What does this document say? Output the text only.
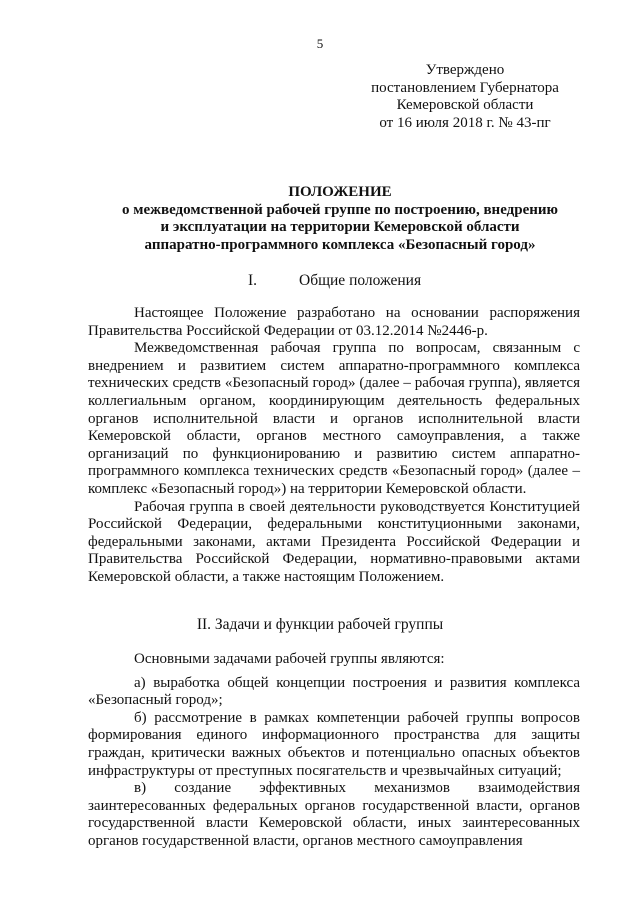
5
Утверждено
постановлением Губернатора
Кемеровской области
от 16 июля 2018 г. № 43-пг
ПОЛОЖЕНИЕ
о межведомственной рабочей группе по построению, внедрению
и эксплуатации на территории Кемеровской области
аппаратно-программного комплекса «Безопасный город»
I.	Общие положения

Настоящее Положение разработано на основании распоряжения Правительства Российской Федерации от 03.12.2014 №2446-р.

Межведомственная рабочая группа по вопросам, связанным с внедрением и развитием систем аппаратно-программного комплекса технических средств «Безопасный город» (далее – рабочая группа), является коллегиальным органом, координирующим деятельность федеральных органов исполнительной власти и органов исполнительной власти Кемеровской области, органов местного самоуправления, а также организаций по функционированию и развитию систем аппаратно-программного комплекса технических средств «Безопасный город» (далее – комплекс «Безопасный город») на территории Кемеровской области.

Рабочая группа в своей деятельности руководствуется Конституцией Российской Федерации, федеральными конституционными законами, федеральными законами, актами Президента Российской Федерации и Правительства Российской Федерации, нормативно-правовыми актами Кемеровской области, а также настоящим Положением.

II. Задачи и функции рабочей группы

Основными задачами рабочей группы являются:

а) выработка общей концепции построения и развития комплекса «Безопасный город»;

б) рассмотрение в рамках компетенции рабочей группы вопросов формирования единого информационного пространства для защиты граждан, критически важных объектов и потенциально опасных объектов инфраструктуры от преступных посягательств и чрезвычайных ситуаций;

в) создание эффективных механизмов взаимодействия заинтересованных федеральных органов государственной власти, органов государственной власти Кемеровской области, иных заинтересованных органов государственной власти, органов местного самоуправления
